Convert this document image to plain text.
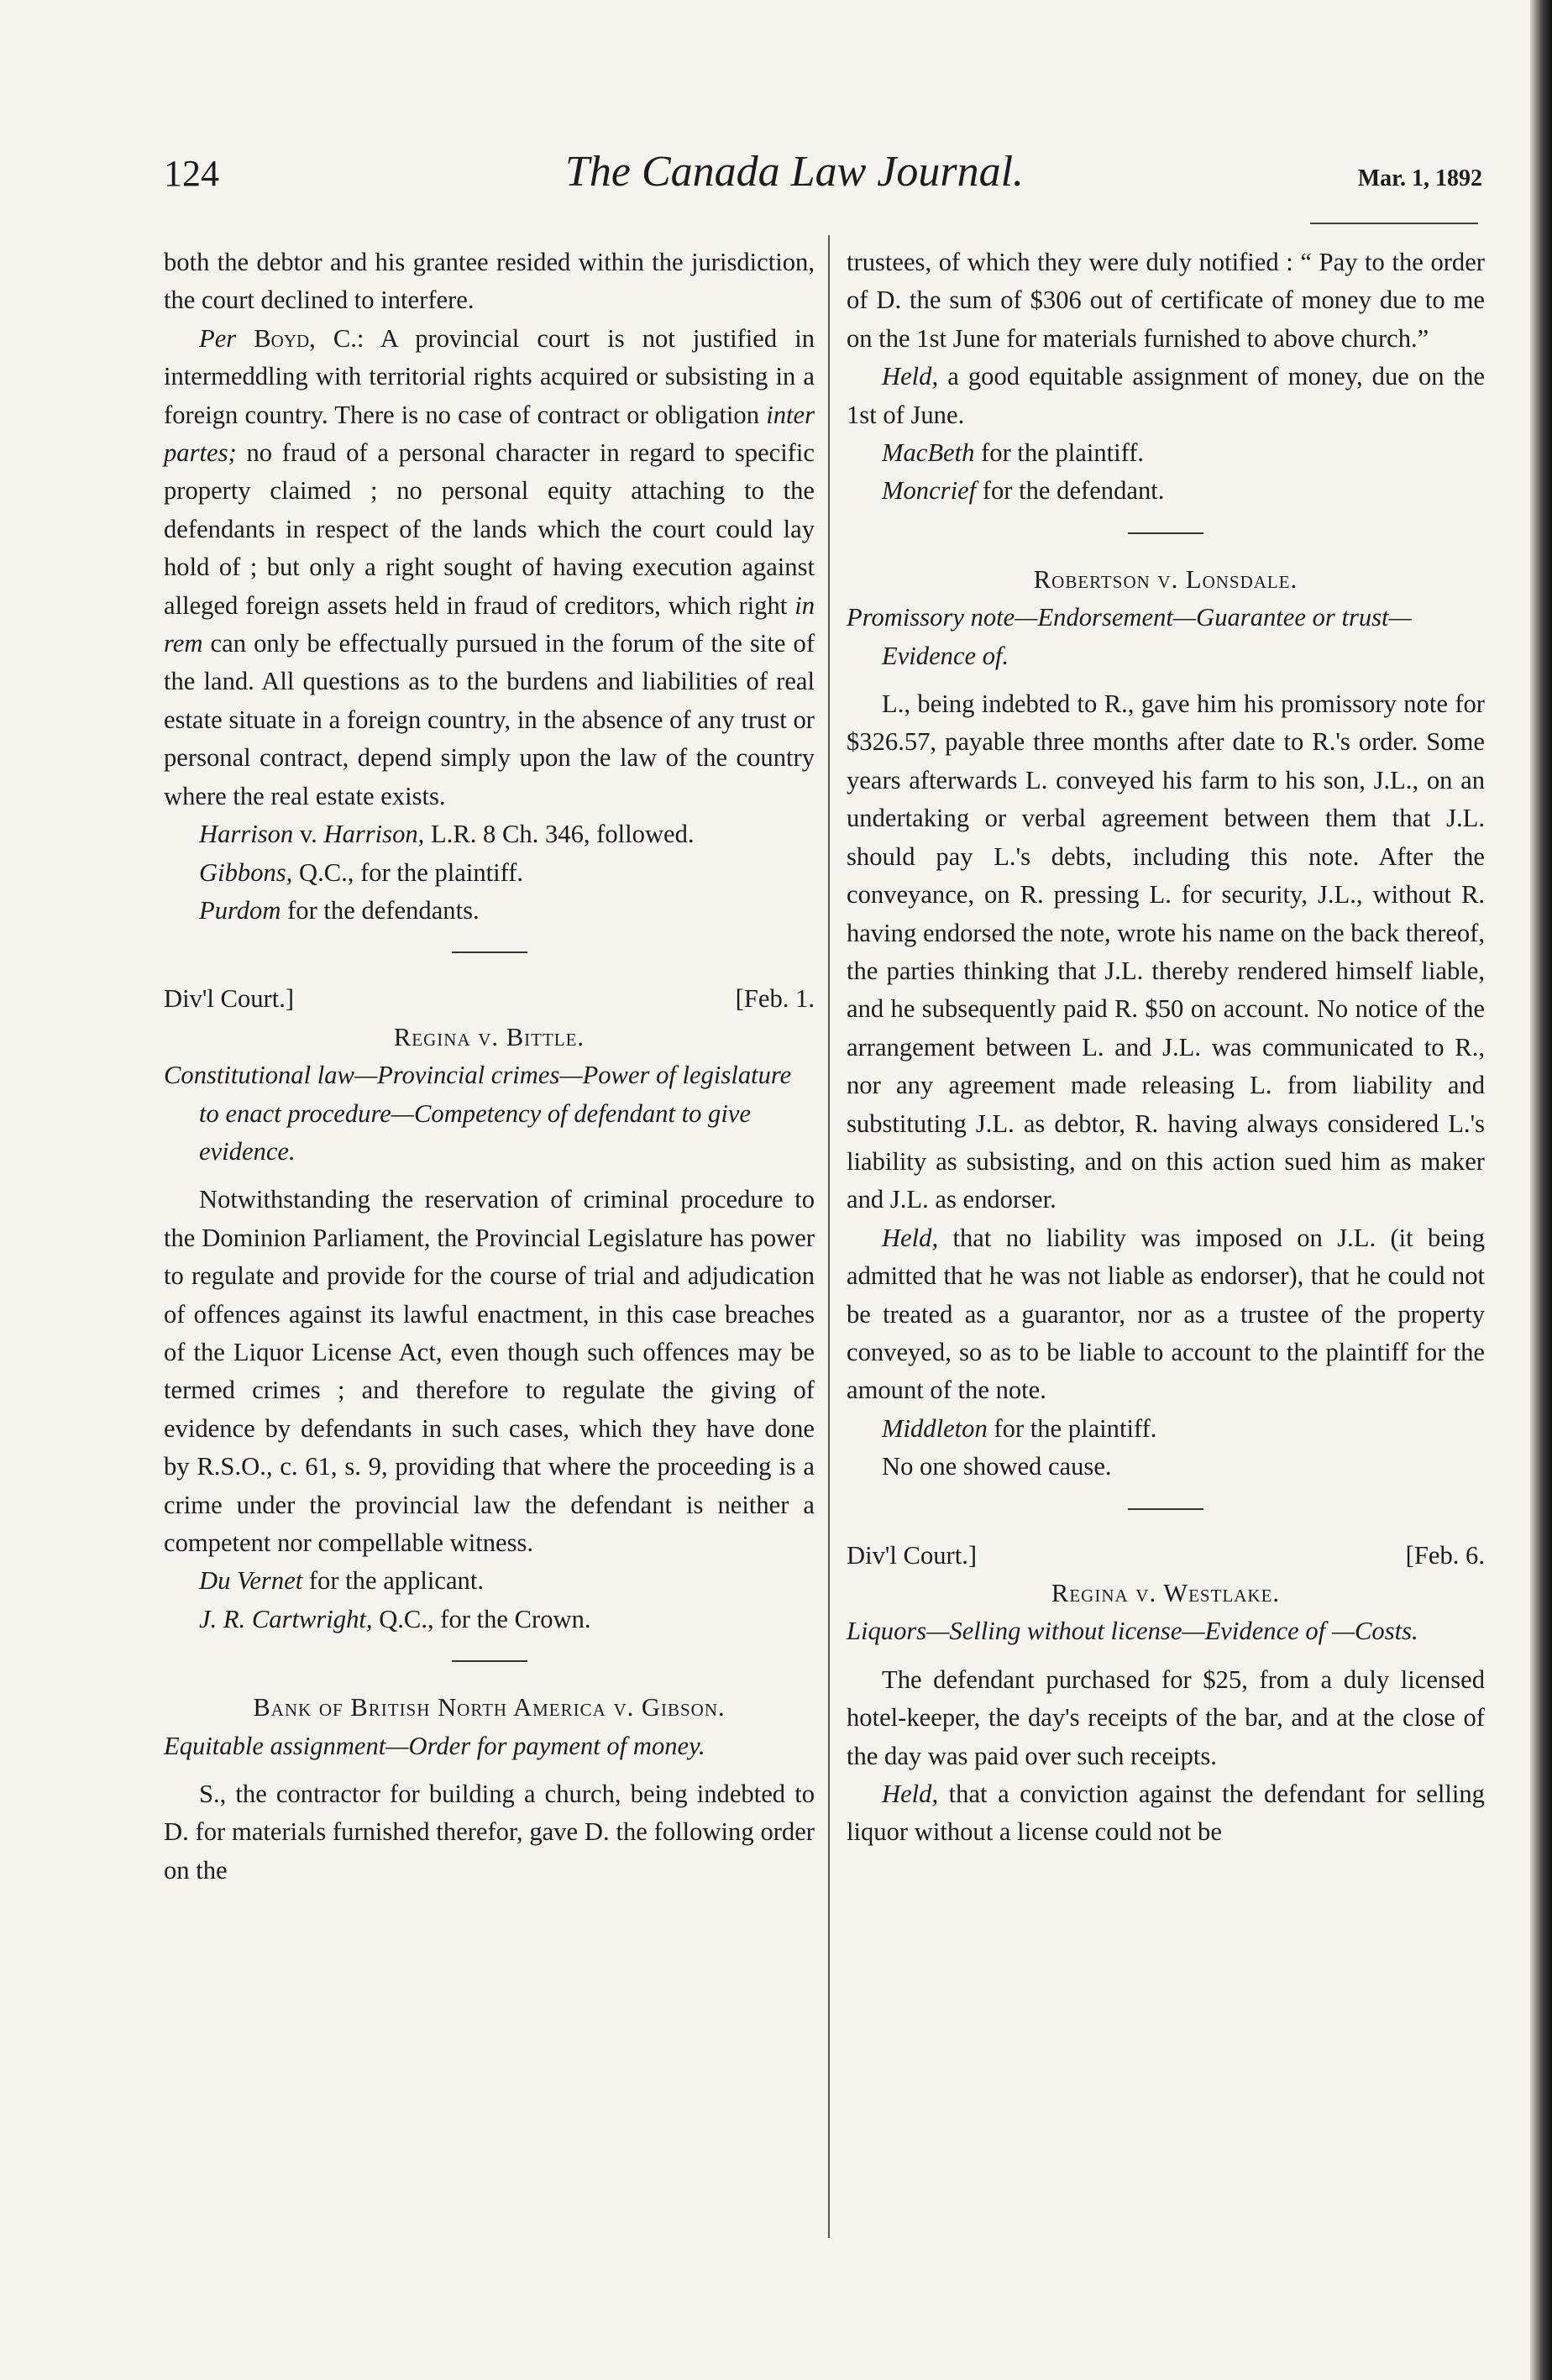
124	The Canada Law Journal.	Mar. 1, 1892

both the debtor and his grantee resided within the jurisdiction, the court declined to interfere.

Per Boyd, C.: A provincial court is not justified in intermeddling with territorial rights acquired or subsisting in a foreign country. There is no case of contract or obligation inter partes; no fraud of a personal character in regard to specific property claimed ; no personal equity attaching to the defendants in respect of the lands which the court could lay hold of ; but only a right sought of having execution against alleged foreign assets held in fraud of creditors, which right in rem can only be effectually pursued in the forum of the site of the land. All questions as to the burdens and liabilities of real estate situate in a foreign country, in the absence of any trust or personal contract, depend simply upon the law of the country where the real estate exists.

Harrison v. Harrison, L.R. 8 Ch. 346, followed.

Gibbons, Q.C., for the plaintiff.

Purdom for the defendants.

Div'l Court.]	[Feb. 1.

Regina v. Bittle.

Constitutional law—Provincial crimes—Power of legislature to enact procedure—Competency of defendant to give evidence.

Notwithstanding the reservation of criminal procedure to the Dominion Parliament, the Provincial Legislature has power to regulate and provide for the course of trial and adjudication of offences against its lawful enactment, in this case breaches of the Liquor License Act, even though such offences may be termed crimes ; and therefore to regulate the giving of evidence by defendants in such cases, which they have done by R.S.O., c. 61, s. 9, providing that where the proceeding is a crime under the provincial law the defendant is neither a competent nor compellable witness.

Du Vernet for the applicant.

J. R. Cartwright, Q.C., for the Crown.

Bank of British North America v. Gibson.

Equitable assignment—Order for payment of money.

S., the contractor for building a church, being indebted to D. for materials furnished therefor, gave D. the following order on the

trustees, of which they were duly notified : “ Pay to the order of D. the sum of $306 out of certificate of money due to me on the 1st June for materials furnished to above church.”

Held, a good equitable assignment of money, due on the 1st of June.

MacBeth for the plaintiff.

Moncrief for the defendant.

Robertson v. Lonsdale.

Promissory note—Endorsement—Guarantee or trust—Evidence of.

L., being indebted to R., gave him his promissory note for $326.57, payable three months after date to R.'s order. Some years afterwards L. conveyed his farm to his son, J.L., on an undertaking or verbal agreement between them that J.L. should pay L.'s debts, including this note. After the conveyance, on R. pressing L. for security, J.L., without R. having endorsed the note, wrote his name on the back thereof, the parties thinking that J.L. thereby rendered himself liable, and he subsequently paid R. $50 on account. No notice of the arrangement between L. and J.L. was communicated to R., nor any agreement made releasing L. from liability and substituting J.L. as debtor, R. having always considered L.'s liability as subsisting, and on this action sued him as maker and J.L. as endorser.

Held, that no liability was imposed on J.L. (it being admitted that he was not liable as endorser), that he could not be treated as a guarantor, nor as a trustee of the property conveyed, so as to be liable to account to the plaintiff for the amount of the note.

Middleton for the plaintiff.

No one showed cause.

Div'l Court.]	[Feb. 6.

Regina v. Westlake.

Liquors—Selling without license—Evidence of —Costs.

The defendant purchased for $25, from a duly licensed hotel-keeper, the day's receipts of the bar, and at the close of the day was paid over such receipts.

Held, that a conviction against the defendant for selling liquor without a license could not be
